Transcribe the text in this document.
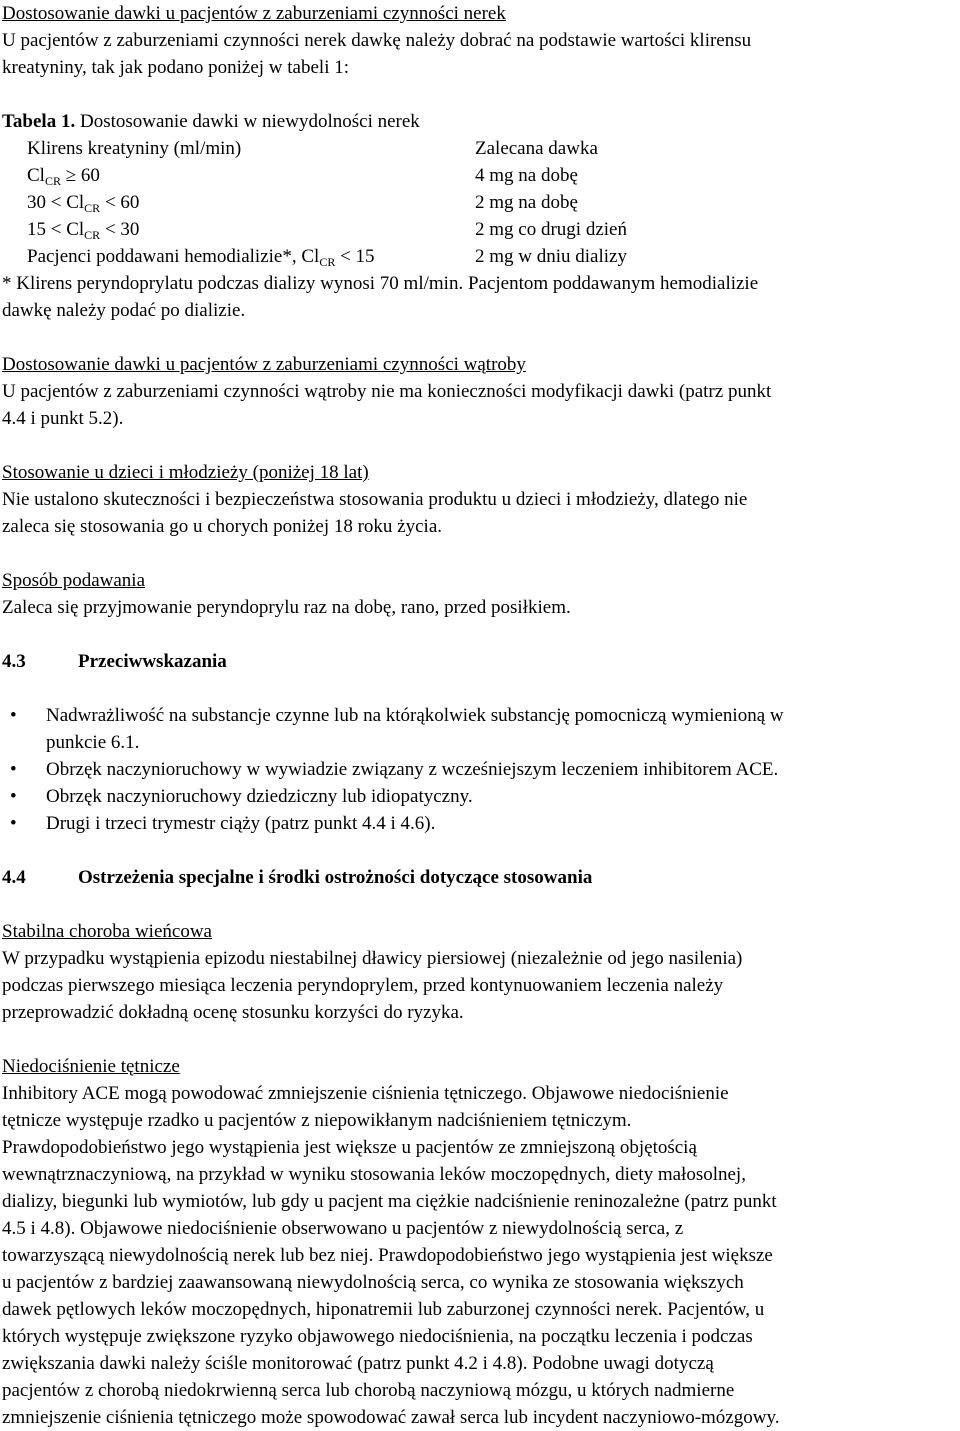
Dostosowanie dawki u pacjentów z zaburzeniami czynności nerek

U pacjentów z zaburzeniami czynności nerek dawkę należy dobrać na podstawie wartości klirensu

kreatyniny, tak jak podano poniżej w tabeli 1:

Tabela 1. Dostosowanie dawki w niewydolności nerek

Klirens kreatyniny (ml/min)	Zalecana dawka
$Cl_{CR} \ge 60$	4 mg na dobę
$30 < Cl_{CR} < 60$	2 mg na dobę
$15 < Cl_{CR} < 30$	2 mg co drugi dzień
Pacjenci poddawani hemodializie*, $Cl_{CR} < 15$	2 mg w dniu dializy

* Klirens peryndoprylatu podczas dializy wynosi 70 ml/min. Pacjentom poddawanym hemodializie

dawkę należy podać po dializie.

Dostosowanie dawki u pacjentów z zaburzeniami czynności wątroby

U pacjentów z zaburzeniami czynności wątroby nie ma konieczności modyfikacji dawki (patrz punkt

4.4 i punkt 5.2).

Stosowanie u dzieci i młodzieży (poniżej 18 lat)

Nie ustalono skuteczności i bezpieczeństwa stosowania produktu u dzieci i młodzieży, dlatego nie

zaleca się stosowania go u chorych poniżej 18 roku życia.

Sposób podawania

Zaleca się przyjmowanie peryndoprylu raz na dobę, rano, przed posiłkiem.

4.3	Przeciwwskazania
• Nadwrażliwość na substancje czynne lub na którąkolwiek substancję pomocniczą wymienioną w
punkcie 6.1.
• Obrzęk naczynioruchowy w wywiadzie związany z wcześniejszym leczeniem inhibitorem ACE.
• Obrzęk naczynioruchowy dziedziczny lub idiopatyczny.
• Drugi i trzeci trymestr ciąży (patrz punkt 4.4 i 4.6).
4.4	Ostrzeżenia specjalne i środki ostrożności dotyczące stosowania

Stabilna choroba wieńcowa

W przypadku wystąpienia epizodu niestabilnej dławicy piersiowej (niezależnie od jego nasilenia)

podczas pierwszego miesiąca leczenia peryndoprylem, przed kontynuowaniem leczenia należy

przeprowadzić dokładną ocenę stosunku korzyści do ryzyka.

Niedociśnienie tętnicze

Inhibitory ACE mogą powodować zmniejszenie ciśnienia tętniczego. Objawowe niedociśnienie

tętnicze występuje rzadko u pacjentów z niepowikłanym nadciśnieniem tętniczym.

Prawdopodobieństwo jego wystąpienia jest większe u pacjentów ze zmniejszoną objętością

wewnątrznaczyniową, na przykład w wyniku stosowania leków moczopędnych, diety małosolnej,

dializy, biegunki lub wymiotów, lub gdy u pacjent ma ciężkie nadciśnienie reninozależne (patrz punkt

4.5 i 4.8). Objawowe niedociśnienie obserwowano u pacjentów z niewydolnością serca, z

towarzyszącą niewydolnością nerek lub bez niej. Prawdopodobieństwo jego wystąpienia jest większe

u pacjentów z bardziej zaawansowaną niewydolnością serca, co wynika ze stosowania większych

dawek pętlowych leków moczopędnych, hiponatremii lub zaburzonej czynności nerek. Pacjentów, u

których występuje zwiększone ryzyko objawowego niedociśnienia, na początku leczenia i podczas

zwiększania dawki należy ściśle monitorować (patrz punkt 4.2 i 4.8). Podobne uwagi dotyczą

pacjentów z chorobą niedokrwienną serca lub chorobą naczyniową mózgu, u których nadmierne

zmniejszenie ciśnienia tętniczego może spowodować zawał serca lub incydent naczyniowo-mózgowy.
